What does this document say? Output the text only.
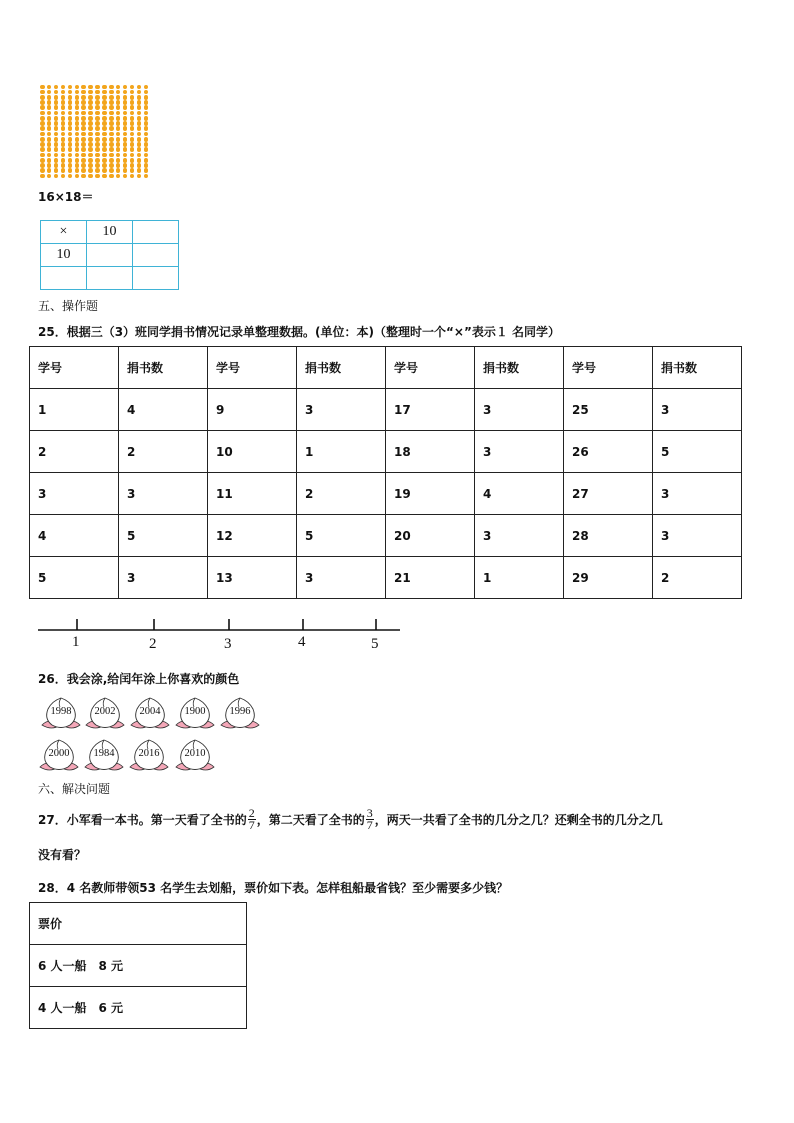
16×18＝
×	10	
10		

五、操作题
25．根据三（3）班同学捐书情况记录单整理数据。(单位：本)（整理时一个“×”表示１ 名同学）
学号	捐书数	学号	捐书数	学号	捐书数	学号	捐书数
1	4	9	3	17	3	25	3
2	2	10	1	18	3	26	5
3	3	11	2	19	4	27	3
4	5	12	5	20	3	28	3
5	3	13	3	21	1	29	2
1	2	3	4	5
26．我会涂,给闰年涂上你喜欢的颜色
1998	2002	2004	1900	1996
2000	1984	2016	2010
六、解决问题
27．小军看一本书。第一天看了全书的 $\frac{2}{7}$ ，第二天看了全书的 $\frac{3}{7}$ ，两天一共看了全书的几分之几？还剩全书的几分之几
没有看？
28．4 名教师带领53 名学生去划船，票价如下表。怎样租船最省钱？至少需要多少钱？
票价
6 人一船　8 元
4 人一船　6 元
